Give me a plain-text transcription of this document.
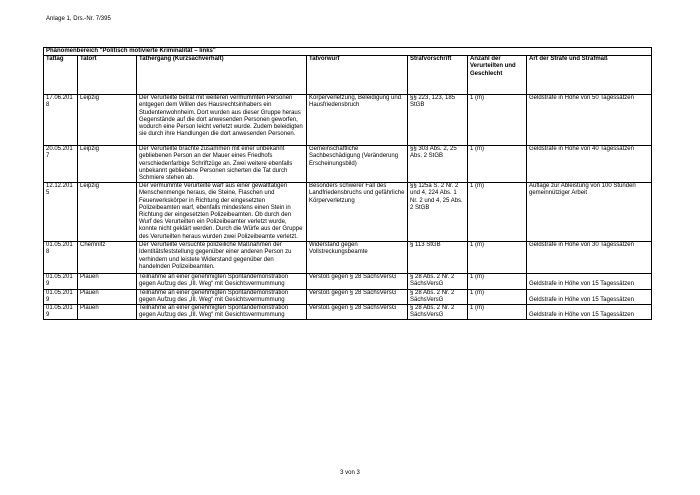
Anlage 1, Drs.-Nr. 7/395
Phänomenbereich "Politisch motivierte Kriminalität – links"						
Tattag	Tatort	Tathergang (Kurzsachverhalt)	Tatvorwurf	Strafvorschrift	Anzahl der Verurteilten und Geschlecht	Art der Strafe und Strafmaß
17.06.2018	Leipzig	Der Verurteilte betrat mit weiteren vermummten Personen entgegen dem Willen des Hausrechtsinhabers ein Studentenwohnheim. Dort wurden aus dieser Gruppe heraus Gegenstände auf die dort anwesenden Personen geworfen, wodurch eine Person leicht verletzt wurde. Zudem beleidigten sie durch ihre Handlungen die dort anwesenden Personen.	Körperverletzung, Beleidigung und Hausfriedensbruch	§§ 223, 123, 185 StGB	1 (m)	Geldstrafe in Höhe von 50 Tagessätzen
20.05.2017	Leipzig	Der Verurteilte brachte zusammen mit einer unbekannt gebliebenen Person an der Mauer eines Friedhofs verschiedenfarbige Schriftzüge an. Zwei weitere ebenfalls unbekannt gebliebene Personen sicherten die Tat durch Schmiere stehen ab.	Gemeinschaftliche Sachbeschädigung (Veränderung Erscheinungsbild)	§§ 303 Abs. 2, 25 Abs. 2 StGB	1 (m)	Geldstrafe in Höhe von 40 Tagessätzen
12.12.2015	Leipzig	Der vermummte Verurteilte warf aus einer gewalttätigen Menschenmenge heraus, die Steine, Flaschen und Feuerwerkskörper in Richtung der eingesetzten Polizeibeamten warf, ebenfalls mindestens einen Stein in Richtung der eingesetzten Polizeibeamten. Ob durch den Wurf des Verurteilten ein Polizeibeamter verletzt wurde, konnte nicht geklärt werden. Durch die Würfe aus der Gruppe des Verurteilten heraus wurden zwei Polizeibeamte verletzt.	Besonders schwerer Fall des Landfriedensbruchs und gefährliche Körperverletzung	§§ 125a S. 2 Nr. 2 und 4, 224 Abs. 1 Nr. 2 und 4, 25 Abs. 2 StGB	1 (m)	Auflage zur Ableistung von 100 Stunden gemeinnütziger Arbeit
01.05.2018	Chemnitz	Der Verurteilte versuchte polizeiliche Maßnahmen der Identitätsfeststellung gegenüber einer anderen Person zu verhindern und leistete Widerstand gegenüber den handelnden Polizeibeamten.	Widerstand gegen Vollstreckungsbeamte	§ 113 StGB	1 (m)	Geldstrafe in Höhe von 30 Tagessätzen
01.05.2019	Plauen	Teilnahme an einer genehmigten Spontandemonstration gegen Aufzug des „III. Weg“ mit Gesichtsvermummung	Verstoß gegen § 28 SächsVersG	§ 28 Abs. 2 Nr. 2 SächsVersG	1 (m)	Geldstrafe in Höhe von 15 Tagessätzen
01.05.2019	Plauen	Teilnahme an einer genehmigten Spontandemonstration gegen Aufzug des „III. Weg“ mit Gesichtsvermummung	Verstoß gegen § 28 SächsVersG	§ 28 Abs. 2 Nr. 2 SächsVersG	1 (m)	Geldstrafe in Höhe von 15 Tagessätzen
01.05.2019	Plauen	Teilnahme an einer genehmigten Spontandemonstration gegen Aufzug des „III. Weg“ mit Gesichtsvermummung	Verstoß gegen § 28 SächsVersG	§ 28 Abs. 2 Nr. 2 SächsVersG	1 (m)	Geldstrafe in Höhe von 15 Tagessätzen
3 von 3
